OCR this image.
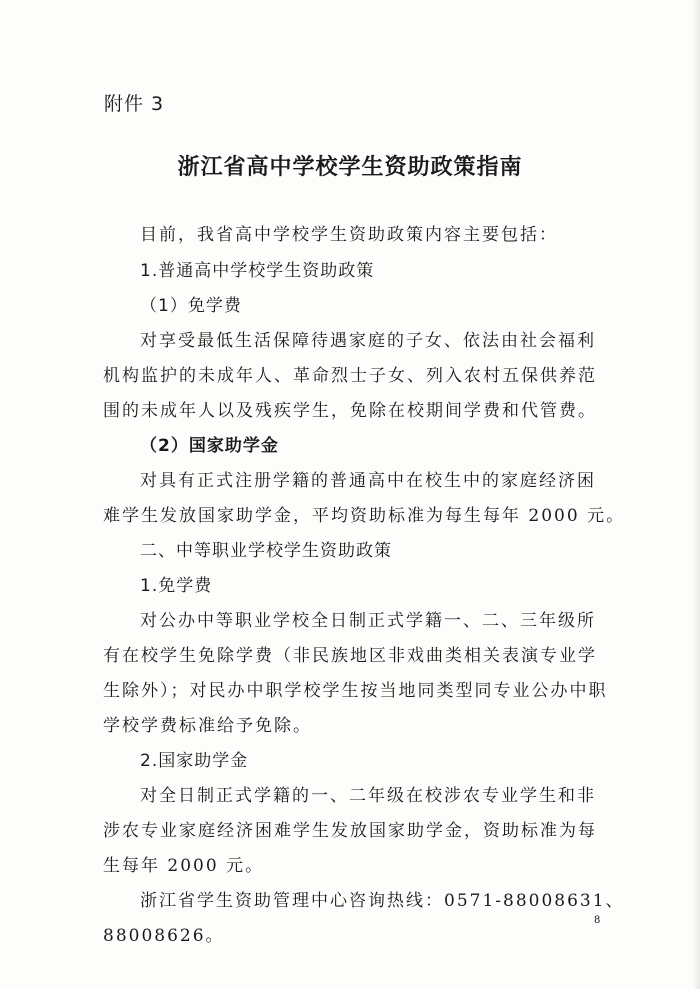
附件 3
浙江省高中学校学生资助政策指南
目前，我省高中学校学生资助政策内容主要包括：
1.普通高中学校学生资助政策
（1）免学费
对享受最低生活保障待遇家庭的子女、依法由社会福利
机构监护的未成年人、革命烈士子女、列入农村五保供养范
围的未成年人以及残疾学生，免除在校期间学费和代管费。
（2）国家助学金
对具有正式注册学籍的普通高中在校生中的家庭经济困
难学生发放国家助学金，平均资助标准为每生每年 2000 元。
二、中等职业学校学生资助政策
1.免学费
对公办中等职业学校全日制正式学籍一、二、三年级所
有在校学生免除学费（非民族地区非戏曲类相关表演专业学
生除外）；对民办中职学校学生按当地同类型同专业公办中职
学校学费标准给予免除。
2.国家助学金
对全日制正式学籍的一、二年级在校涉农专业学生和非
涉农专业家庭经济困难学生发放国家助学金，资助标准为每
生每年 2000 元。
浙江省学生资助管理中心咨询热线：0571-88008631、
88008626。
8
